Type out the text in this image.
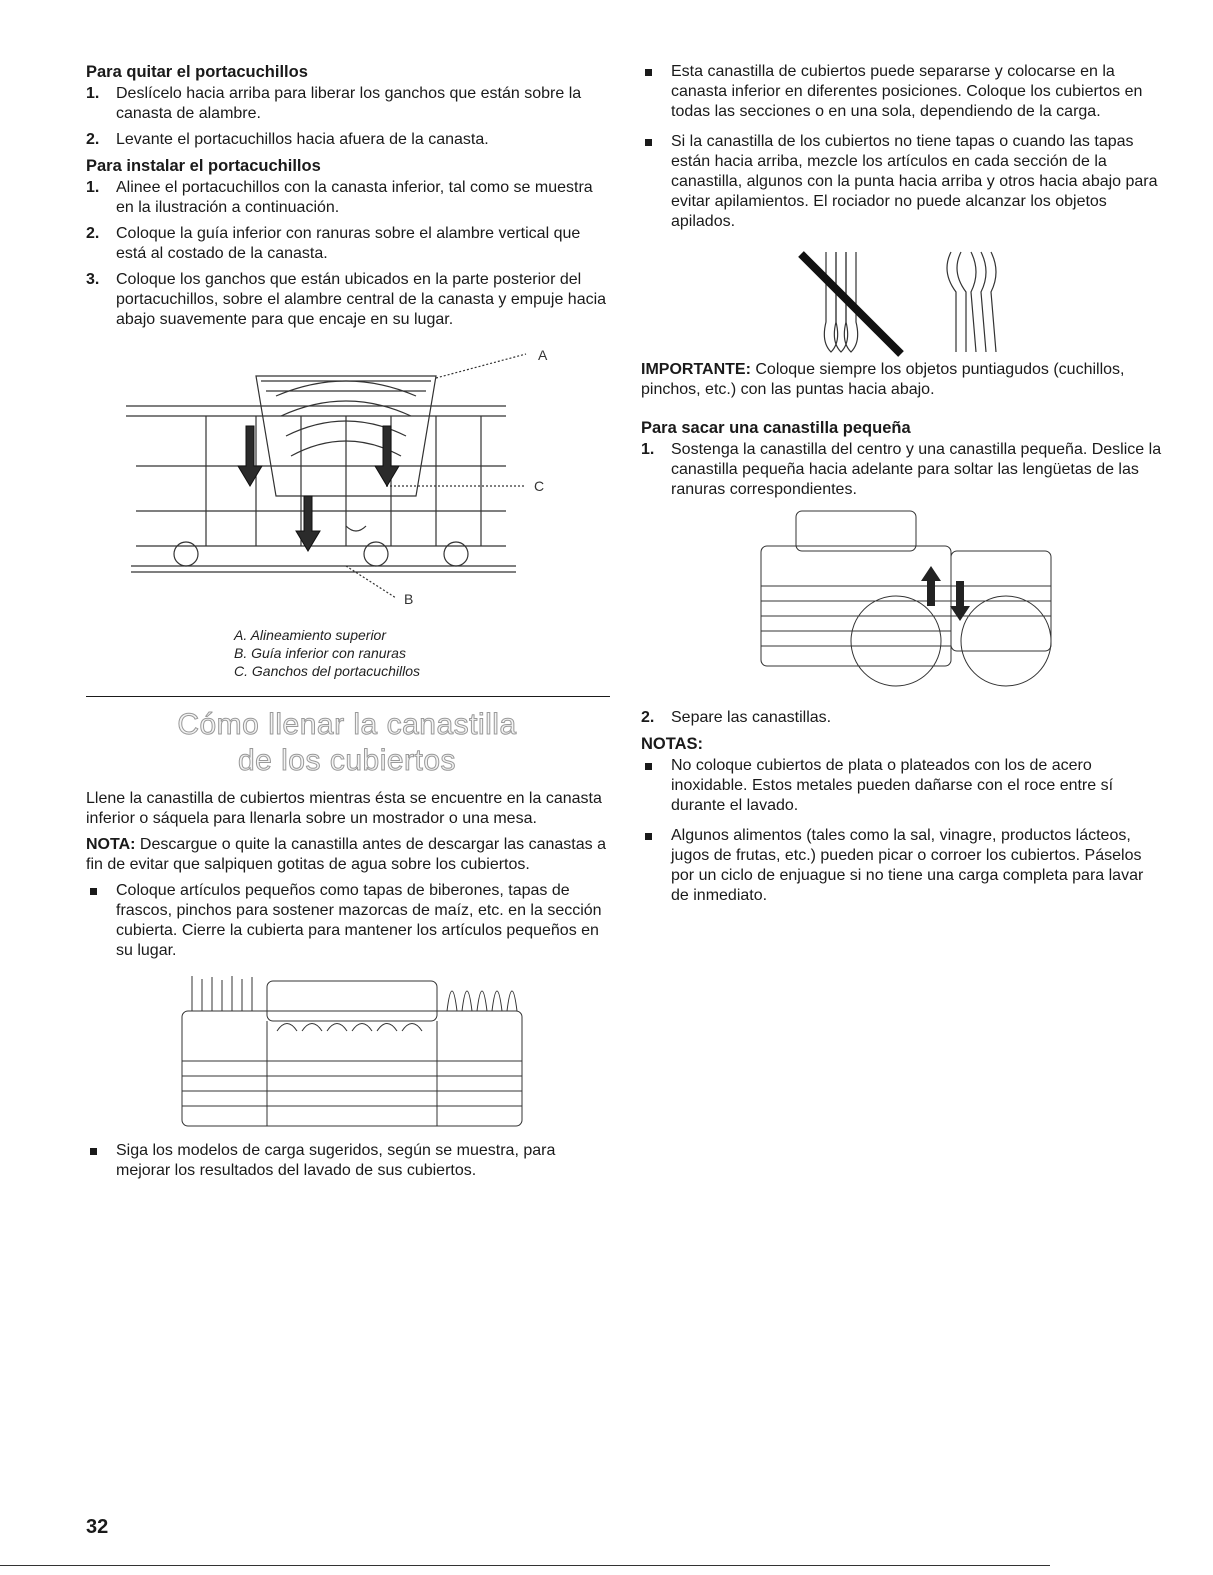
Para quitar el portacuchillos
1. Deslícelo hacia arriba para liberar los ganchos que están sobre la canasta de alambre.
2. Levante el portacuchillos hacia afuera de la canasta.
Para instalar el portacuchillos
1. Alinee el portacuchillos con la canasta inferior, tal como se muestra en la ilustración a continuación.
2. Coloque la guía inferior con ranuras sobre el alambre vertical que está al costado de la canasta.
3. Coloque los ganchos que están ubicados en la parte posterior del portacuchillos, sobre el alambre central de la canasta y empuje hacia abajo suavemente para que encaje en su lugar.
A
C
B
A. Alineamiento superior
B. Guía inferior con ranuras
C. Ganchos del portacuchillos
Cómo llenar la canastilla
de los cubiertos

Llene la canastilla de cubiertos mientras ésta se encuentre en la canasta inferior o sáquela para llenarla sobre un mostrador o una mesa.

NOTA: Descargue o quite la canastilla antes de descargar las canastas a fin de evitar que salpiquen gotitas de agua sobre los cubiertos.

Coloque artículos pequeños como tapas de biberones, tapas de frascos, pinchos para sostener mazorcas de maíz, etc. en la sección cubierta. Cierre la cubierta para mantener los artículos pequeños en su lugar.
Siga los modelos de carga sugeridos, según se muestra, para mejorar los resultados del lavado de sus cubiertos.
Esta canastilla de cubiertos puede separarse y colocarse en la canasta inferior en diferentes posiciones. Coloque los cubiertos en todas las secciones o en una sola, dependiendo de la carga.
Si la canastilla de los cubiertos no tiene tapas o cuando las tapas están hacia arriba, mezcle los artículos en cada sección de la canastilla, algunos con la punta hacia arriba y otros hacia abajo para evitar apilamientos. El rociador no puede alcanzar los objetos apilados.

IMPORTANTE: Coloque siempre los objetos puntiagudos (cuchillos, pinchos, etc.) con las puntas hacia abajo.

Para sacar una canastilla pequeña
1. Sostenga la canastilla del centro y una canastilla pequeña. Deslice la canastilla pequeña hacia adelante para soltar las lengüetas de las ranuras correspondientes.
2. Separe las canastillas.
NOTAS:
No coloque cubiertos de plata o plateados con los de acero inoxidable. Estos metales pueden dañarse con el roce entre sí durante el lavado.
Algunos alimentos (tales como la sal, vinagre, productos lácteos, jugos de frutas, etc.) pueden picar o corroer los cubiertos. Páselos por un ciclo de enjuague si no tiene una carga completa para lavar de inmediato.
32
